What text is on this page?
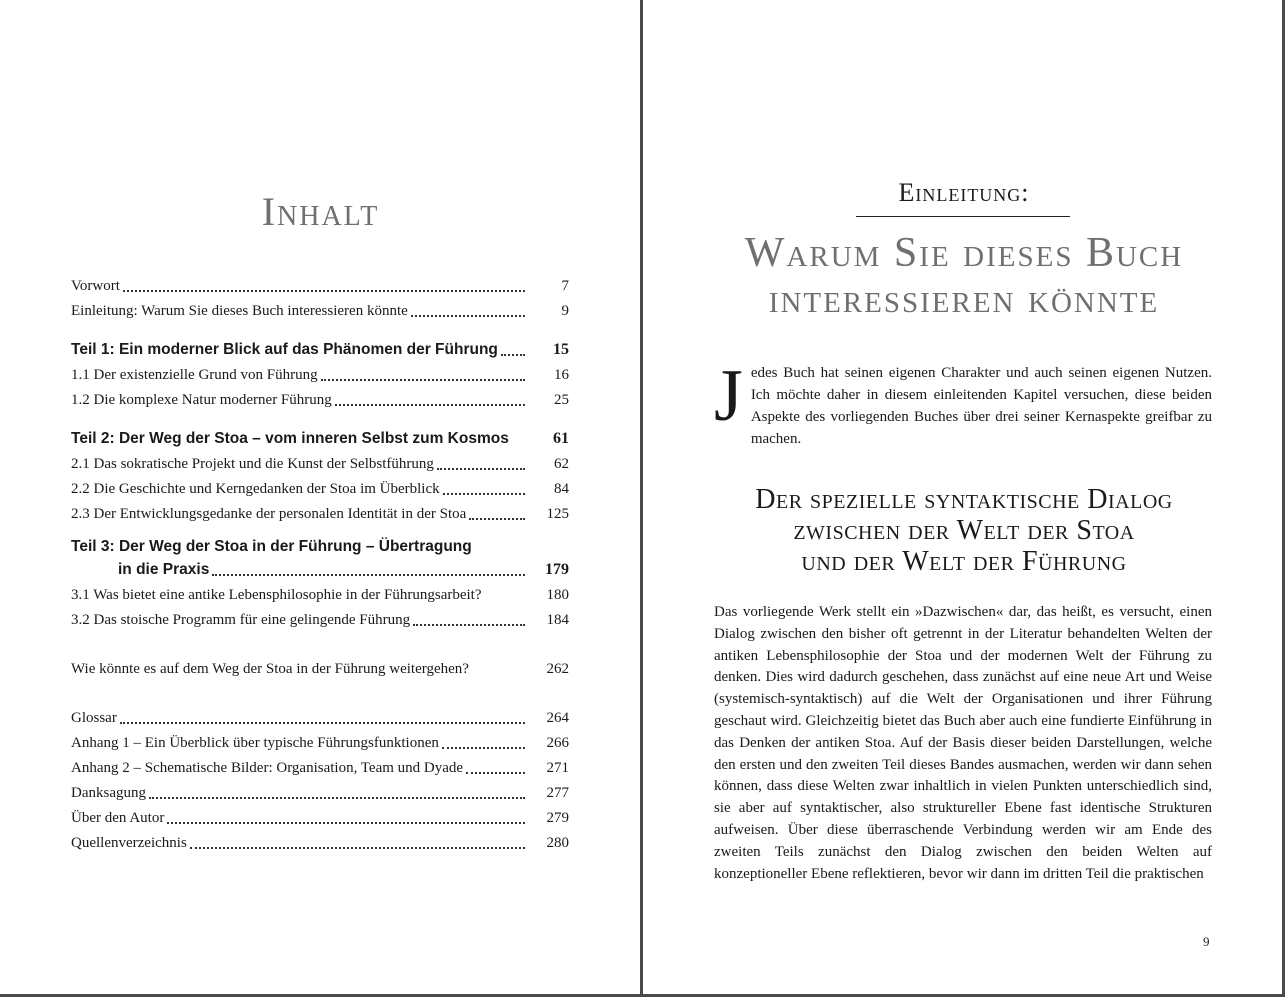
Inhalt
Vorwort	7
Einleitung: Warum Sie dieses Buch interessieren könnte	9
Teil 1: Ein moderner Blick auf das Phänomen der Führung	15
1.1 Der existenzielle Grund von Führung	16
1.2 Die komplexe Natur moderner Führung	25
Teil 2: Der Weg der Stoa – vom inneren Selbst zum Kosmos	61
2.1 Das sokratische Projekt und die Kunst der Selbstführung	62
2.2 Die Geschichte und Kerngedanken der Stoa im Überblick	84
2.3 Der Entwicklungsgedanke der personalen Identität in der Stoa	125
Teil 3: Der Weg der Stoa in der Führung – Übertragung
in die Praxis	179
3.1 Was bietet eine antike Lebensphilosophie in der Führungsarbeit?	180
3.2 Das stoische Programm für eine gelingende Führung	184
Wie könnte es auf dem Weg der Stoa in der Führung weitergehen?	262
Glossar	264
Anhang 1 – Ein Überblick über typische Führungsfunktionen	266
Anhang 2 – Schematische Bilder: Organisation, Team und Dyade	271
Danksagung	277
Über den Autor	279
Quellenverzeichnis	280
Einleitung:
Warum Sie dieses Buch
interessieren könnte

Jedes Buch hat seinen eigenen Charakter und auch seinen eigenen Nutzen. Ich möchte daher in diesem einleitenden Kapitel versuchen, diese beiden Aspekte des vorliegenden Buches über drei seiner Kernaspekte greifbar zu machen.

Der spezielle syntaktische Dialog
zwischen der Welt der Stoa
und der Welt der Führung

Das vorliegende Werk stellt ein »Dazwischen« dar, das heißt, es versucht, einen Dialog zwischen den bisher oft getrennt in der Literatur behandelten Welten der antiken Lebensphilosophie der Stoa und der modernen Welt der Führung zu denken. Dies wird dadurch geschehen, dass zunächst auf eine neue Art und Weise (systemisch-syntaktisch) auf die Welt der Organisationen und ihrer Führung geschaut wird. Gleichzeitig bietet das Buch aber auch eine fundierte Einführung in das Denken der antiken Stoa. Auf der Basis dieser beiden Darstellungen, welche den ersten und den zweiten Teil dieses Bandes ausmachen, werden wir dann sehen können, dass diese Welten zwar inhaltlich in vielen Punkten unterschiedlich sind, sie aber auf syntaktischer, also struktureller Ebene fast identische Strukturen aufweisen. Über diese überraschende Verbindung werden wir am Ende des zweiten Teils zunächst den Dialog zwischen den beiden Welten auf konzeptioneller Ebene reflektieren, bevor wir dann im dritten Teil die praktischen

9
